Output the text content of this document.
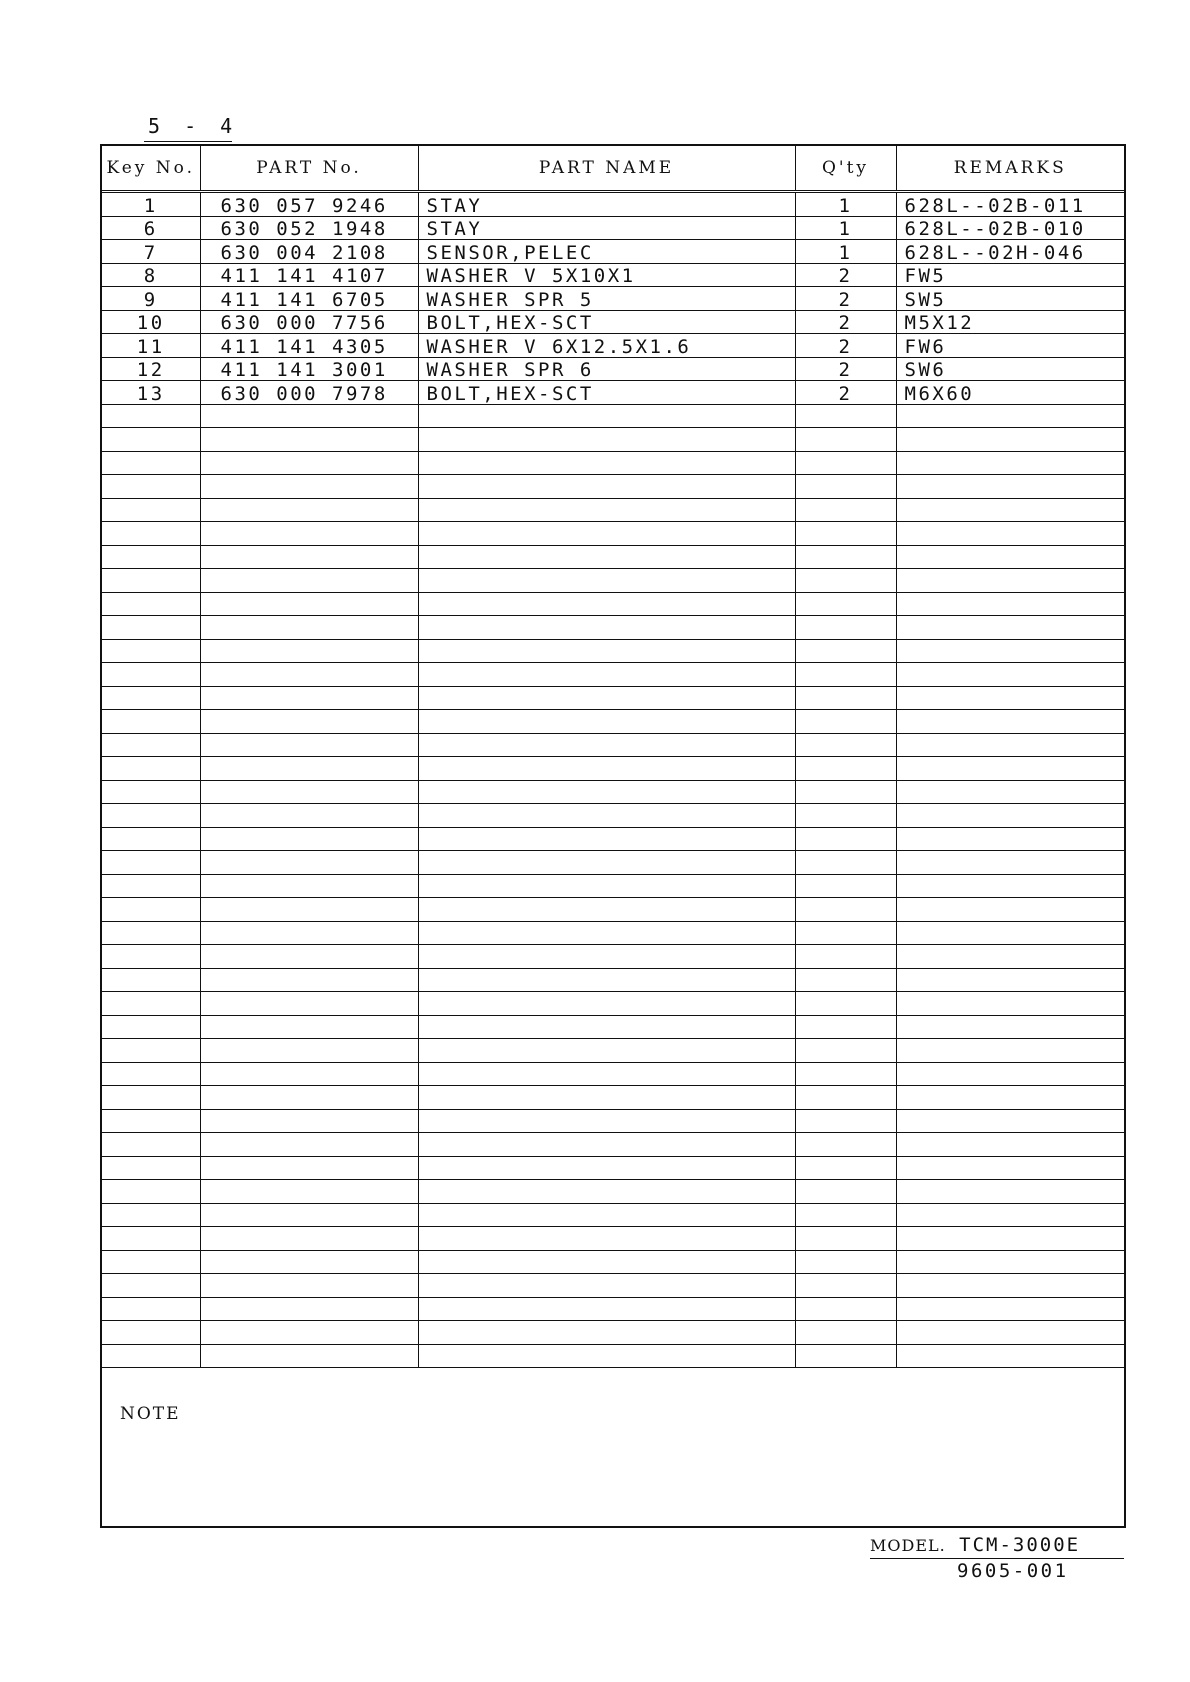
5 - 4
Key No.	PART No.	PART NAME	Q'ty	REMARKS
1	630 057 9246	STAY	1	628L--02B-011
6	630 052 1948	STAY	1	628L--02B-010
7	630 004 2108	SENSOR,PELEC	1	628L--02H-046
8	411 141 4107	WASHER V 5X10X1	2	FW5
9	411 141 6705	WASHER SPR 5	2	SW5
10	630 000 7756	BOLT,HEX-SCT	2	M5X12
11	411 141 4305	WASHER V 6X12.5X1.6	2	FW6
12	411 141 3001	WASHER SPR 6	2	SW6
13	630 000 7978	BOLT,HEX-SCT	2	M6X60

NOTE
MODEL. TCM-3000E
9605-001
